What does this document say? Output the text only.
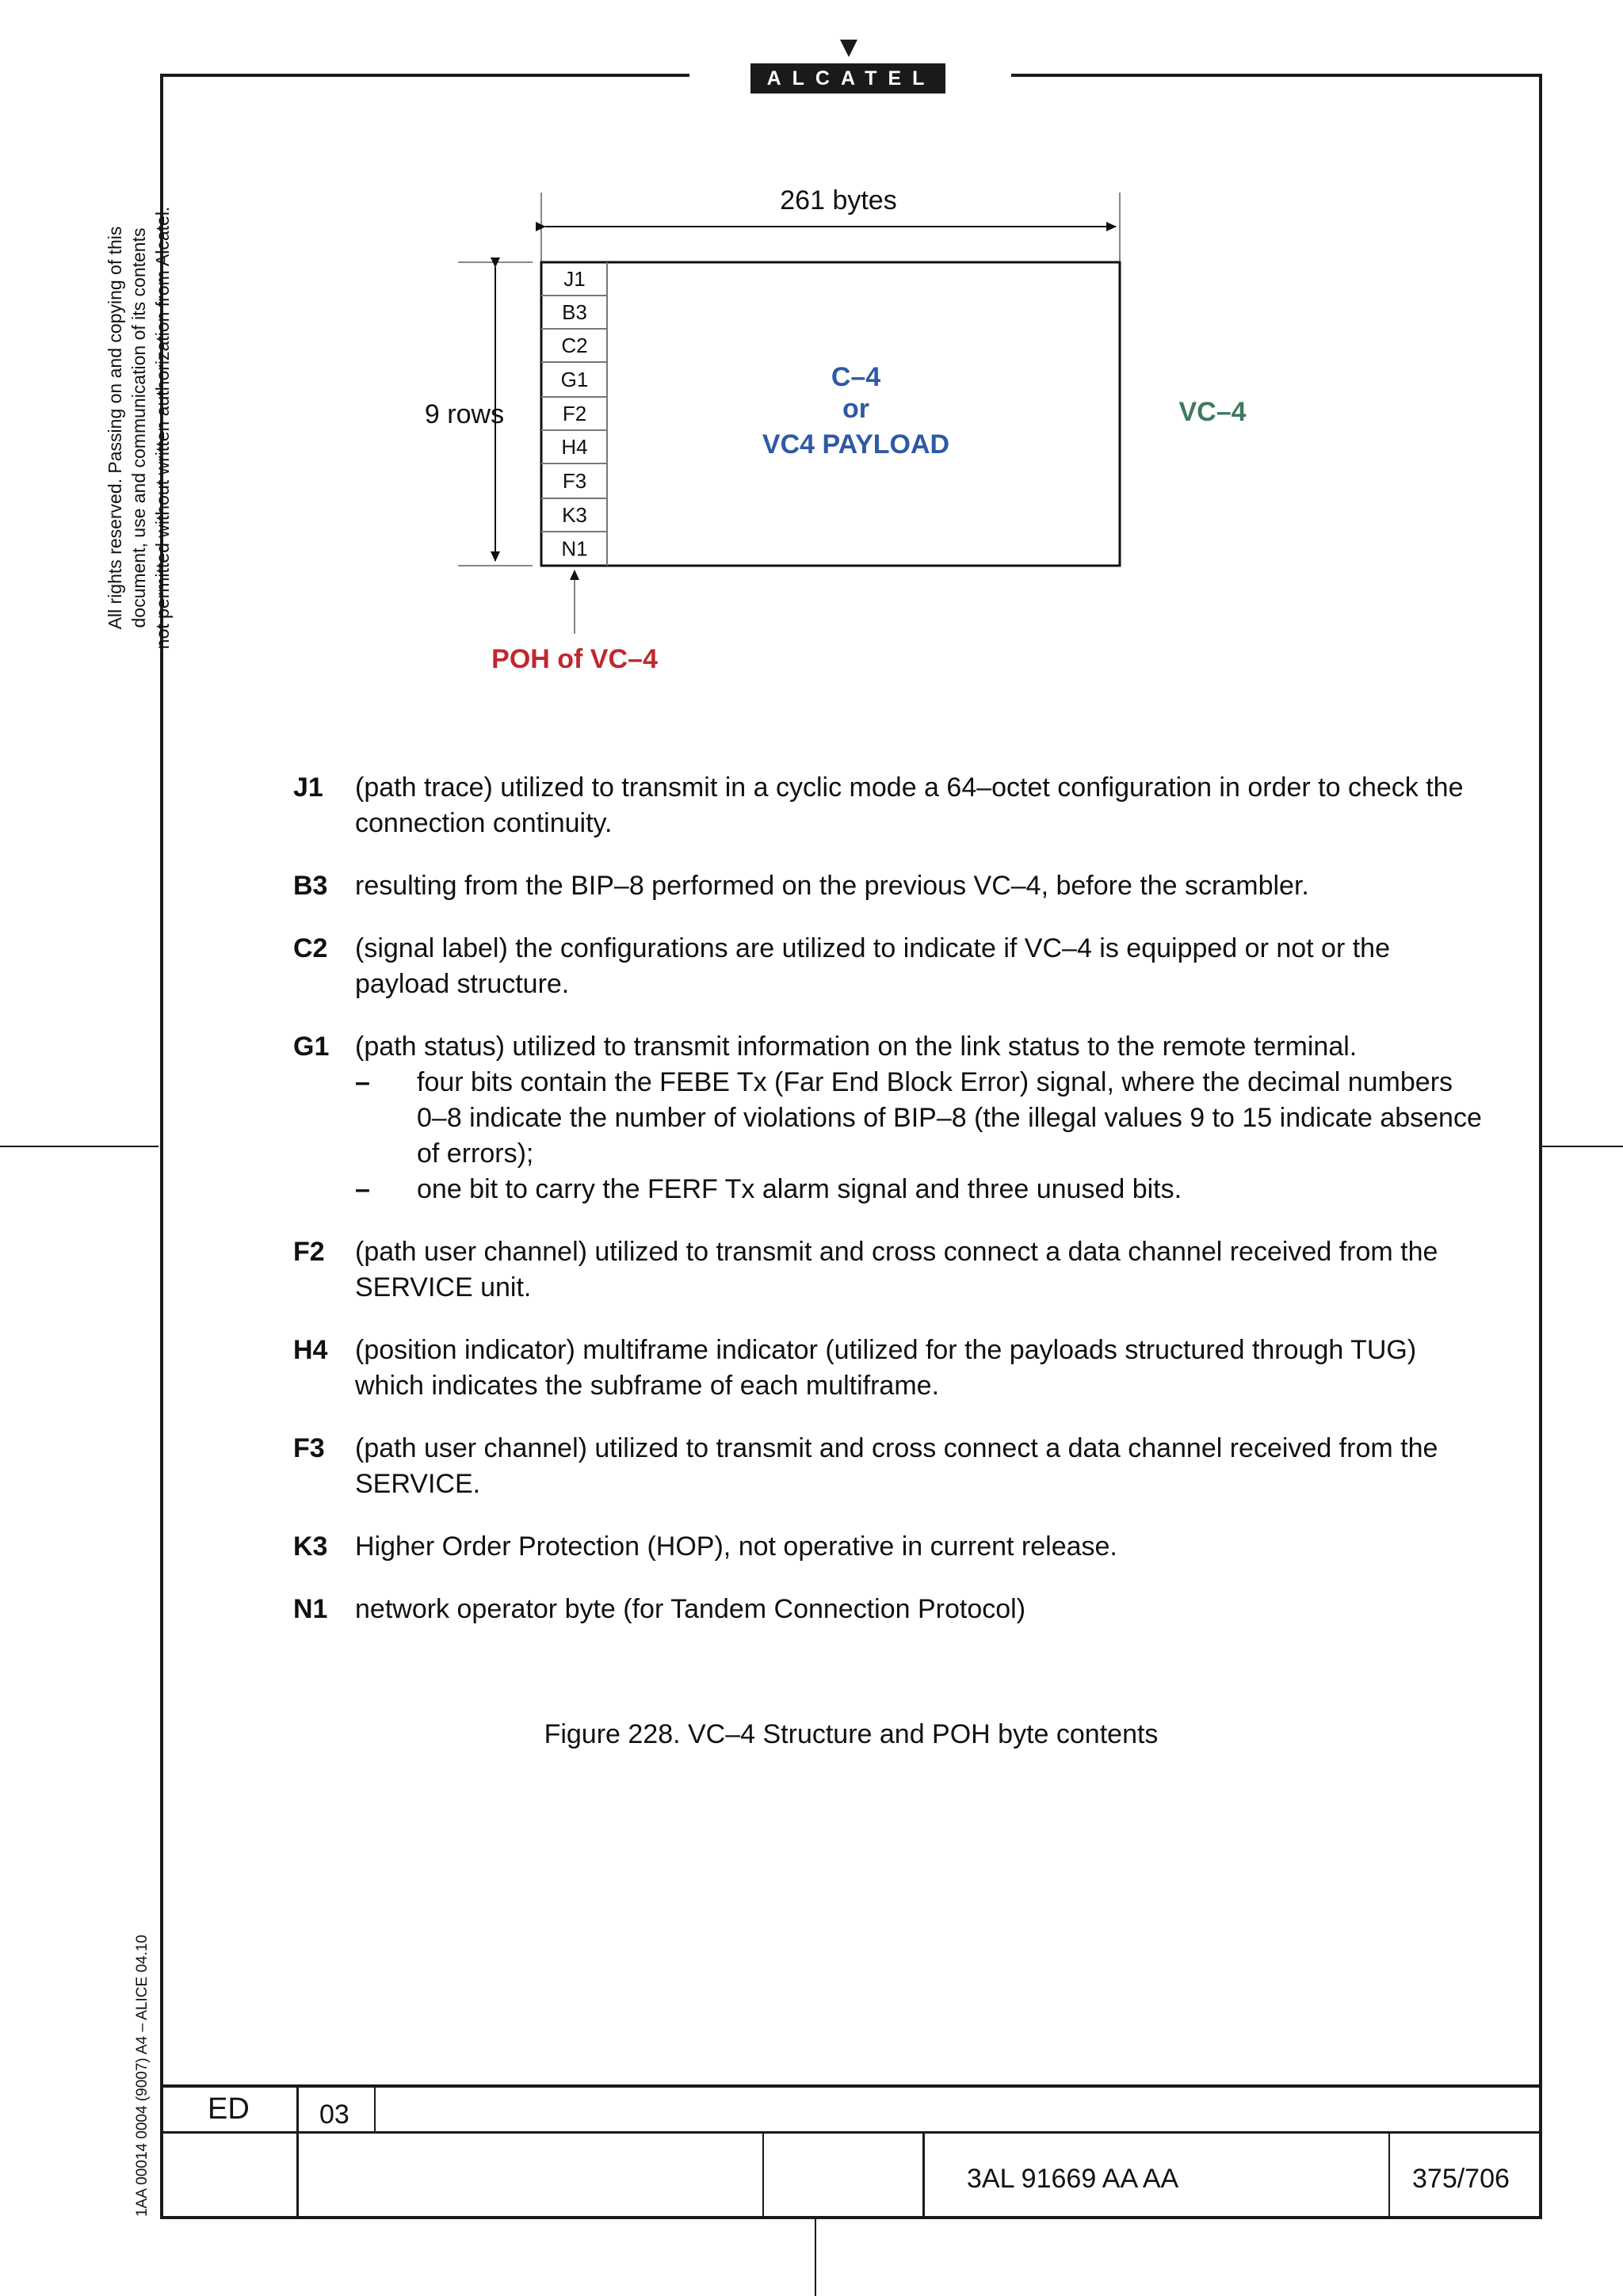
ALCATEL
All rights reserved. Passing on and copying of this document, use and communication of its contents not permitted without written authorization from Alcatel.
1AA 00014 0004 (9007) A4 – ALICE 04.10
261 bytes
9 rows
J1
B3
C2
G1
F2
H4
F3
K3
N1
C–4
or
VC4 PAYLOAD
VC–4
POH of VC–4
J1	(path trace) utilized to transmit in a cyclic mode a 64–octet configuration in order to check the connection continuity.
B3	resulting from the BIP–8 performed on the previous VC–4, before the scrambler.
C2	(signal label) the configurations are utilized to indicate if VC–4 is equipped or not or the payload structure.
G1 (path status) utilized to transmit information on the link status to the remote terminal.
–	four bits contain the FEBE Tx (Far End Block Error) signal, where the decimal numbers 0–8 indicate the number of violations of BIP–8 (the illegal values 9 to 15 indicate absence of errors);
–	one bit to carry the FERF Tx alarm signal and three unused bits.
F2	(path user channel) utilized to transmit and cross connect a data channel received from the SERVICE unit.
H4	(position indicator) multiframe indicator (utilized for the payloads structured through TUG) which indicates the subframe of each multiframe.
F3	(path user channel) utilized to transmit and cross connect a data channel received from the SERVICE.
K3	Higher Order Protection (HOP), not operative in current release.
N1	network operator byte (for Tandem Connection Protocol)
Figure 228. VC–4 Structure and POH byte contents
ED	03
3AL 91669 AA AA	375/706
